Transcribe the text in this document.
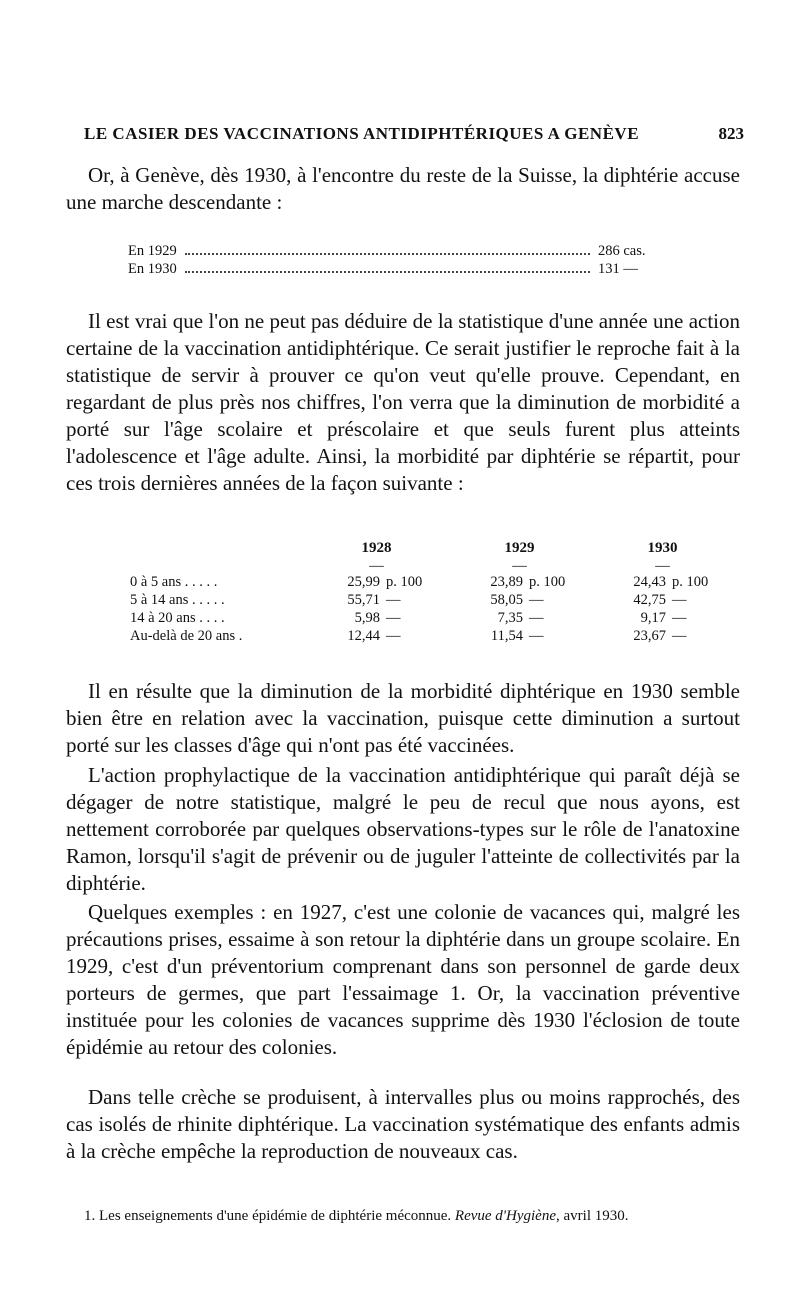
LE CASIER DES VACCINATIONS ANTIDIPHTÉRIQUES A GENÈVE	823

Or, à Genève, dès 1930, à l'encontre du reste de la Suisse, la diphtérie accuse une marche descendante :

En 1929	286 cas.
En 1930	131 —

Il est vrai que l'on ne peut pas déduire de la statistique d'une année une action certaine de la vaccination antidiphtérique. Ce serait justifier le reproche fait à la statistique de servir à prouver ce qu'on veut qu'elle prouve. Cependant, en regardant de plus près nos chiffres, l'on verra que la diminution de morbidité a porté sur l'âge scolaire et préscolaire et que seuls furent plus atteints l'adolescence et l'âge adulte. Ainsi, la morbidité par diphtérie se répartit, pour ces trois dernières années de la façon suivante :

	1928		1929		1930	
	—		—		—	
0 à 5 ans . . . . .	25,99	p. 100	23,89	p. 100	24,43	p. 100
5 à 14 ans . . . . .	55,71	—	58,05	—	42,75	—
14 à 20 ans . . . .	5,98	—	7,35	—	9,17	—
Au-delà de 20 ans .	12,44	—	11,54	—	23,67	—

Il en résulte que la diminution de la morbidité diphtérique en 1930 semble bien être en relation avec la vaccination, puisque cette diminution a surtout porté sur les classes d'âge qui n'ont pas été vaccinées.

L'action prophylactique de la vaccination antidiphtérique qui paraît déjà se dégager de notre statistique, malgré le peu de recul que nous ayons, est nettement corroborée par quelques observations-types sur le rôle de l'anatoxine Ramon, lorsqu'il s'agit de prévenir ou de juguler l'atteinte de collectivités par la diphtérie.

Quelques exemples : en 1927, c'est une colonie de vacances qui, malgré les précautions prises, essaime à son retour la diphtérie dans un groupe scolaire. En 1929, c'est d'un préventorium comprenant dans son personnel de garde deux porteurs de germes, que part l'essaimage 1. Or, la vaccination préventive instituée pour les colonies de vacances supprime dès 1930 l'éclosion de toute épidémie au retour des colonies.

Dans telle crèche se produisent, à intervalles plus ou moins rapprochés, des cas isolés de rhinite diphtérique. La vaccination systématique des enfants admis à la crèche empêche la reproduction de nouveaux cas.

1. Les enseignements d'une épidémie de diphtérie méconnue. Revue d'Hygiène, avril 1930.
